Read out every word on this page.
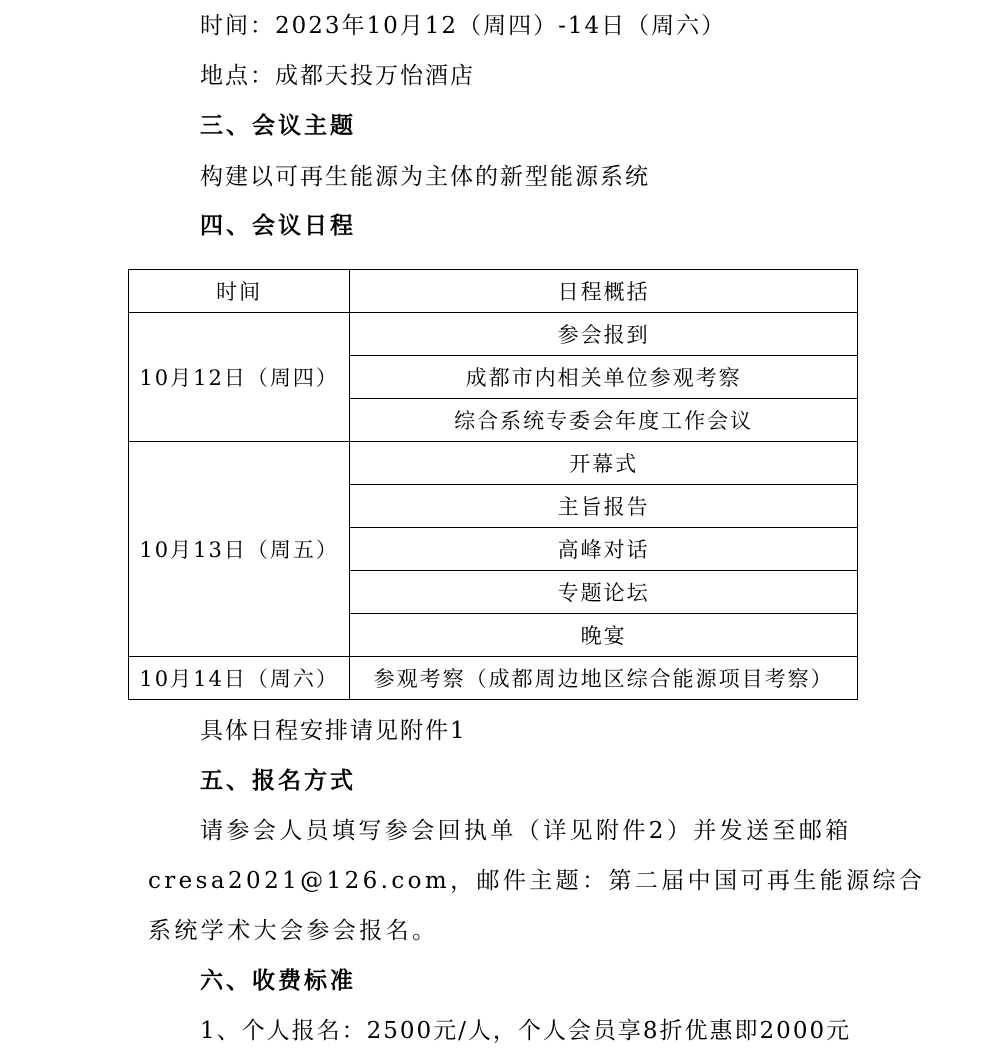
时间：2023年10月12（周四）-14日（周六）
地点：成都天投万怡酒店
三、会议主题
构建以可再生能源为主体的新型能源系统
四、会议日程
时间	日程概括
10月12日（周四）	参会报到
	成都市内相关单位参观考察
	综合系统专委会年度工作会议
10月13日（周五）	开幕式
	主旨报告
	高峰对话
	专题论坛
	晚宴
10月14日（周六）	参观考察（成都周边地区综合能源项目考察）
具体日程安排请见附件1
五、报名方式
请参会人员填写参会回执单（详见附件2）并发送至邮箱
cresa2021@126.com，邮件主题：第二届中国可再生能源综合
系统学术大会参会报名。
六、收费标准
1、个人报名：2500元/人，个人会员享8折优惠即2000元
